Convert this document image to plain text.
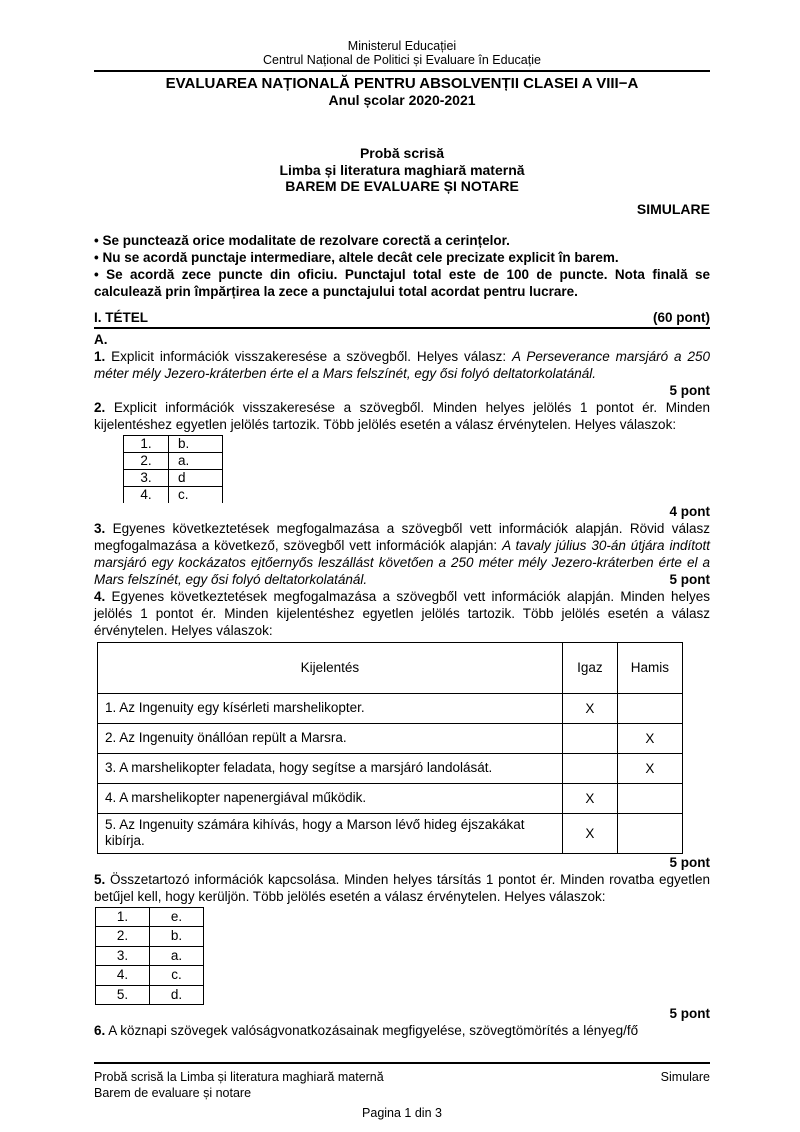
Ministerul Educației
Centrul Național de Politici și Evaluare în Educație
EVALUAREA NAȚIONALĂ PENTRU ABSOLVENȚII CLASEI A VIII−A
Anul școlar 2020-2021
Probă scrisă
Limba și literatura maghiară maternă
BAREM DE EVALUARE ȘI NOTARE
SIMULARE
• Se punctează orice modalitate de rezolvare corectă a cerințelor.
• Nu se acordă punctaje intermediare, altele decât cele precizate explicit în barem.
• Se acordă zece puncte din oficiu. Punctajul total este de 100 de puncte. Nota finală se calculează prin împărțirea la zece a punctajului total acordat pentru lucrare.
I. TÉTEL	(60 pont)
A.

1. Explicit információk visszakeresése a szövegből. Helyes válasz: A Perseverance marsjáró a 250 méter mély Jezero-kráterben érte el a Mars felszínét, egy ősi folyó deltatorkolatánál.

5 pont

2. Explicit információk visszakeresése a szövegből. Minden helyes jelölés 1 pontot ér. Minden kijelentéshez egyetlen jelölés tartozik. Több jelölés esetén a válasz érvénytelen. Helyes válaszok:

1.	b.
2.	a.
3.	d
4.	c.
4 pont

3. Egyenes következtetések megfogalmazása a szövegből vett információk alapján. Rövid válasz megfogalmazása a következő, szövegből vett információk alapján: A tavaly július 30-án útjára indított marsjáró egy kockázatos ejtőernyős leszállást követően a 250 méter mély Jezero-kráterben érte el a Mars felszínét, egy ősi folyó deltatorkolatánál.	5 pont

4. Egyenes következtetések megfogalmazása a szövegből vett információk alapján. Minden helyes jelölés 1 pontot ér. Minden kijelentéshez egyetlen jelölés tartozik. Több jelölés esetén a válasz érvénytelen. Helyes válaszok:

Kijelentés	Igaz	Hamis
1. Az Ingenuity egy kísérleti marshelikopter.	X	
2. Az Ingenuity önállóan repült a Marsra.		X
3. A marshelikopter feladata, hogy segítse a marsjáró landolását.		X
4. A marshelikopter napenergiával működik.	X	
5. Az Ingenuity számára kihívás, hogy a Marson lévő hideg éjszakákat kibírja.	X	
5 pont

5. Összetartozó információk kapcsolása. Minden helyes társítás 1 pontot ér. Minden rovatba egyetlen betűjel kell, hogy kerüljön. Több jelölés esetén a válasz érvénytelen. Helyes válaszok:

1.	e.
2.	b.
3.	a.
4.	c.
5.	d.
5 pont

6. A köznapi szövegek valóságvonatkozásainak megfigyelése, szövegtömörítés a lényeg/fő

Probă scrisă la Limba și literatura maghiară maternă	Simulare
Barem de evaluare și notare
Pagina 1 din 3
